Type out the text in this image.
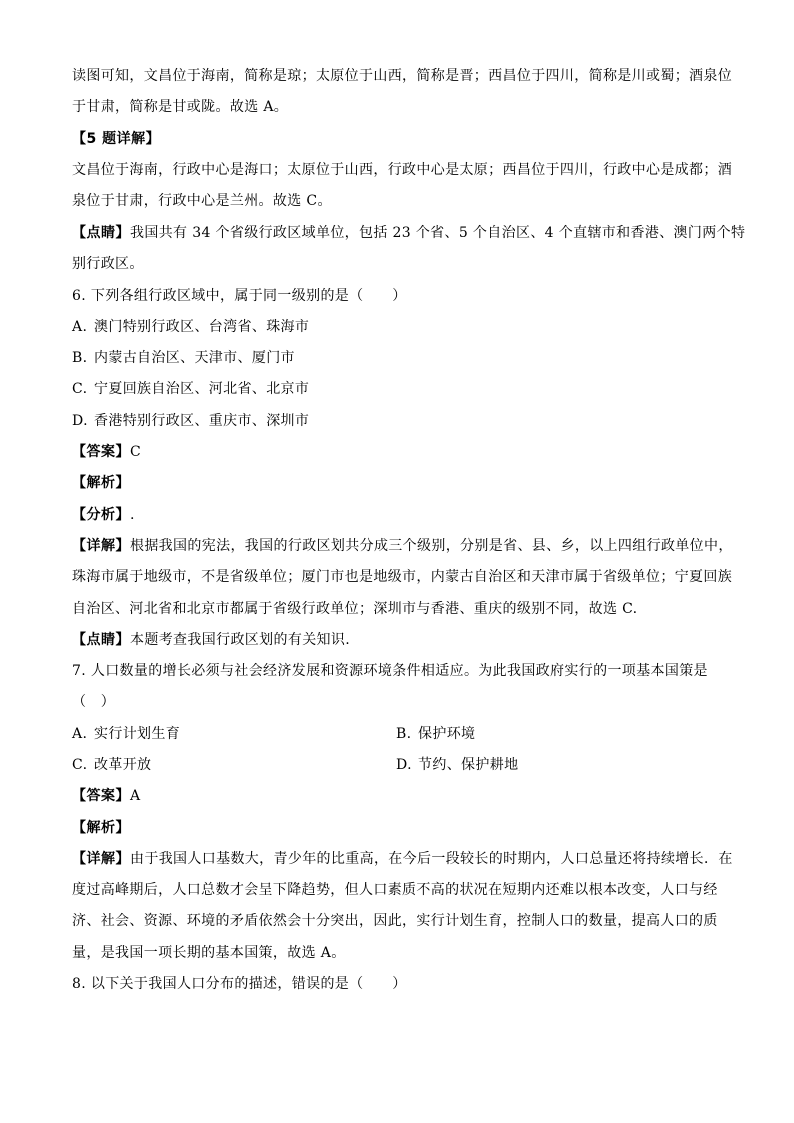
读图可知，文昌位于海南，简称是琼；太原位于山西，简称是晋；西昌位于四川，简称是川或蜀；酒泉位
于甘肃，简称是甘或陇。故选 A。
【5 题详解】
文昌位于海南，行政中心是海口；太原位于山西，行政中心是太原；西昌位于四川，行政中心是成都；酒
泉位于甘肃，行政中心是兰州。故选 C。
【点睛】我国共有 34 个省级行政区域单位，包括 23 个省、5 个自治区、4 个直辖市和香港、澳门两个特
别行政区。
6. 下列各组行政区域中，属于同一级别的是（　　）
A. 澳门特别行政区、台湾省、珠海市
B. 内蒙古自治区、天津市、厦门市
C. 宁夏回族自治区、河北省、北京市
D. 香港特别行政区、重庆市、深圳市
【答案】C
【解析】
【分析】.
【详解】根据我国的宪法，我国的行政区划共分成三个级别，分别是省、县、乡，以上四组行政单位中，
珠海市属于地级市，不是省级单位；厦门市也是地级市，内蒙古自治区和天津市属于省级单位；宁夏回族
自治区、河北省和北京市都属于省级行政单位；深圳市与香港、重庆的级别不同，故选 C.
【点睛】本题考查我国行政区划的有关知识.
7. 人口数量的增长必须与社会经济发展和资源环境条件相适应。为此我国政府实行的一项基本国策是
（　）
A. 实行计划生育	B. 保护环境
C. 改革开放	D. 节约、保护耕地
【答案】A
【解析】
【详解】由于我国人口基数大，青少年的比重高，在今后一段较长的时期内，人口总量还将持续增长．在
度过高峰期后，人口总数才会呈下降趋势，但人口素质不高的状况在短期内还难以根本改变，人口与经
济、社会、资源、环境的矛盾依然会十分突出，因此，实行计划生育，控制人口的数量，提高人口的质
量，是我国一项长期的基本国策，故选 A。
8. 以下关于我国人口分布的描述，错误的是（　　）
